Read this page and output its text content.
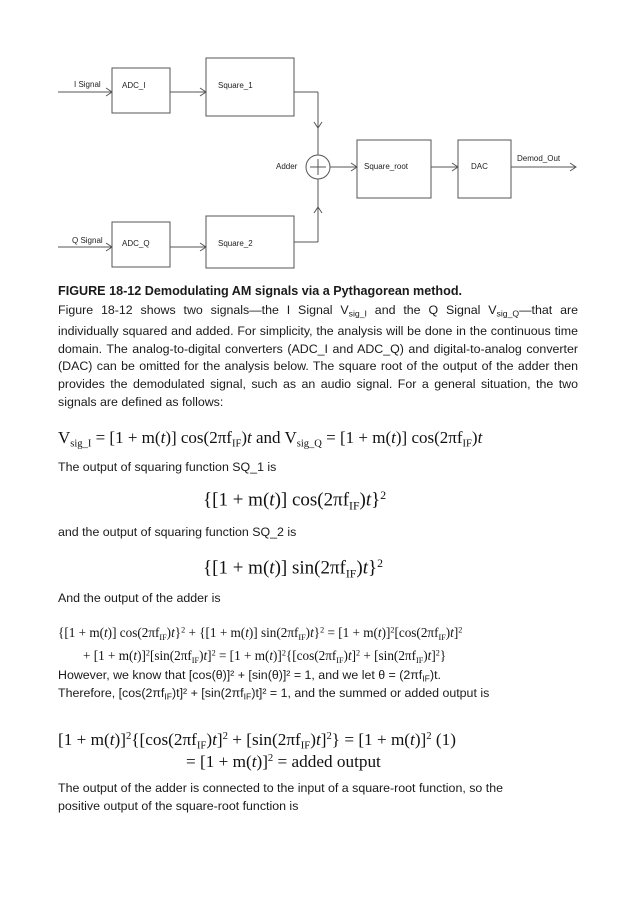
I Signal	ADC_I	Square_1
Adder	Square_root	DAC
Demod_Out
Q Signal ADC_Q	Square_2
FIGURE 18-12 Demodulating AM signals via a Pythagorean method.
Figure 18-12 shows two signals—the I Signal $V_{sig\_I}$ and the Q Signal $V_{sig\_Q}—that$ are individually squared and added. For simplicity, the analysis will be done in the continuous time domain. The analog-to-digital converters (ADC_I and ADC_Q) and digital-to-analog converter (DAC) can be omitted for the analysis below. The square root of the output of the adder then provides the demodulated signal, such as an audio signal. For a general situation, the two signals are defined as follows:
$V_{sig\_I} = [1 + m(t)]$ $\cos(2\pi f_{IF})t$ and $V_{sig\_Q} = [1 + m(t)]$ $\cos(2\pi f_{IF})t$
The output of squaring function SQ_1 is
{[1 + m(t)] $\cos(2\pi f_{IF})t\}^2$
and the output of squaring function SQ_2 is
{[1 + m(t)] $\sin(2\pi f_{IF})t\}^2$
And the output of the adder is
{[1 + m(t)] $\cos(2\pi f_{IF})t\}^2 + \{[1 + m(t)] \sin(2\pi f_{IF})t\}^2 = [1 + m(t)]^2[\cos(2\pi f_{IF})t]^2$
+ $[1 + m(t)]^2[\sin(2\pi f_{IF})t]^2 = [1 + m(t)]^2\{[\cos(2\pi f_{IF})t]^2 + [\sin(2\pi f_{IF})t]^2\}$
However, we know that [cos(θ)]² + [sin(θ)]² = 1, and we let $\theta = (2\pi f_{IF})t$.
Therefore, $[\cos(2\pi f_{IF})t]^2 + [\sin(2\pi f_{IF})t]^2 = 1$, and the summed or added output is
$[1 + m(t)]^2\{[\cos(2\pi f_{IF})t]^2 + [\sin(2\pi f_{IF})t]^2\} = [1 + m(t)]^2$ (1)
= $[1 + m(t)]^2$ = added output
The output of the adder is connected to the input of a square-root function, so the
positive output of the square-root function is
